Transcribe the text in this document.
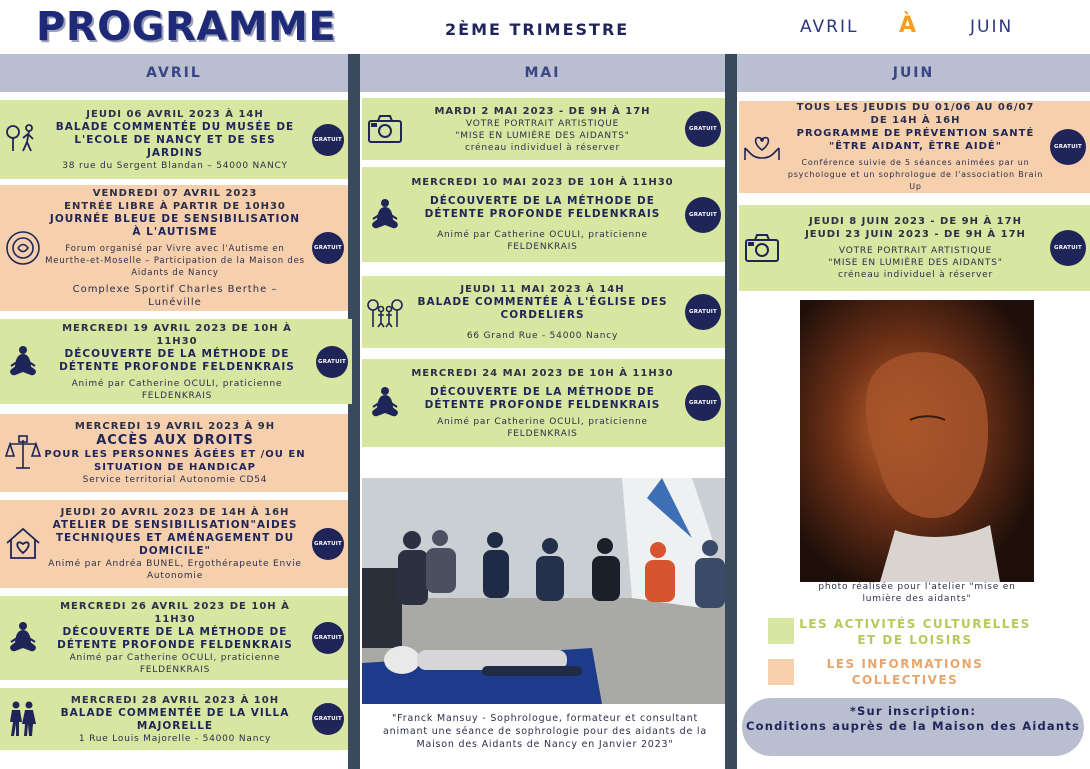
PROGRAMME	2ÈME TRIMESTRE	AVRIL À	JUIN
AVRIL	MAI	JUIN
JEUDI 06 AVRIL 2023 À 14H
BALADE COMMENTÉE DU MUSÉE DE L'ECOLE DE NANCY ET DE SES JARDINS
38 rue du Sergent Blandan – 54000 NANCY
GRATUIT
VENDREDI 07 AVRIL 2023
ENTRÉE LIBRE À PARTIR DE 10H30
JOURNÉE BLEUE DE SENSIBILISATION À L'AUTISME
Forum organisé par Vivre avec l'Autisme en Meurthe-et-Moselle – Participation de la Maison des Aidants de Nancy
Complexe Sportif Charles Berthe – Lunéville
GRATUIT
MERCREDI 19 AVRIL 2023 DE 10H À 11H30
DÉCOUVERTE DE LA MÉTHODE DE DÉTENTE PROFONDE FELDENKRAIS
Animé par Catherine OCULI, praticienne FELDENKRAIS
GRATUIT
MERCREDI 19 AVRIL 2023 À 9H
ACCÈS AUX DROITS
POUR LES PERSONNES ÂGÉES ET /OU EN SITUATION DE HANDICAP
Service territorial Autonomie CD54
JEUDI 20 AVRIL 2023 DE 14H À 16H
ATELIER DE SENSIBILISATION"AIDES TECHNIQUES ET AMÉNAGEMENT DU DOMICILE"
Animé par Andréa BUNEL, Ergothérapeute Envie Autonomie
GRATUIT
MERCREDI 26 AVRIL 2023 DE 10H À 11H30
DÉCOUVERTE DE LA MÉTHODE DE DÉTENTE PROFONDE FELDENKRAIS
Animé par Catherine OCULI, praticienne FELDENKRAIS
GRATUIT
MERCREDI 28 AVRIL 2023 À 10H
BALADE COMMENTÉE DE LA VILLA MAJORELLE
1 Rue Louis Majorelle - 54000 Nancy
GRATUIT
MARDI 2 MAI 2023 - DE 9H À 17H
VOTRE PORTRAIT ARTISTIQUE
"MISE EN LUMIÈRE DES AIDANTS"
créneau individuel à réserver
GRATUIT
MERCREDI 10 MAI 2023 DE 10H À 11H30
DÉCOUVERTE DE LA MÉTHODE DE DÉTENTE PROFONDE FELDENKRAIS
Animé par Catherine OCULI, praticienne FELDENKRAIS
GRATUIT
JEUDI 11 MAI 2023 À 14H
BALADE COMMENTÉE À L'ÉGLISE DES CORDELIERS
66 Grand Rue - 54000 Nancy
GRATUIT
MERCREDI 24 MAI 2023 DE 10H À 11H30
DÉCOUVERTE DE LA MÉTHODE DE DÉTENTE PROFONDE FELDENKRAIS
Animé par Catherine OCULI, praticienne FELDENKRAIS
GRATUIT
"Franck Mansuy - Sophrologue, formateur et consultant animant une séance de sophrologie pour des aidants de la Maison des Aidants de Nancy en Janvier 2023"
TOUS LES JEUDIS DU 01/06 AU 06/07
DE 14H À 16H
PROGRAMME DE PRÉVENTION SANTÉ "ÊTRE AIDANT, ÊTRE AIDÉ"
Conférence suivie de 5 séances animées par un psychologue et un sophrologue de l'association Brain Up
GRATUIT
JEUDI 8 JUIN 2023 - DE 9H À 17H
JEUDI 23 JUIN 2023 - DE 9H À 17H
VOTRE PORTRAIT ARTISTIQUE
"MISE EN LUMIÈRE DES AIDANTS"
créneau individuel à réserver
GRATUIT
photo réalisée pour l'atelier "mise en lumière des aidants"
LES ACTIVITÉS CULTURELLES ET DE LOISIRS
LES INFORMATIONS COLLECTIVES
*Sur inscription:
Conditions auprès de la Maison des Aidants
